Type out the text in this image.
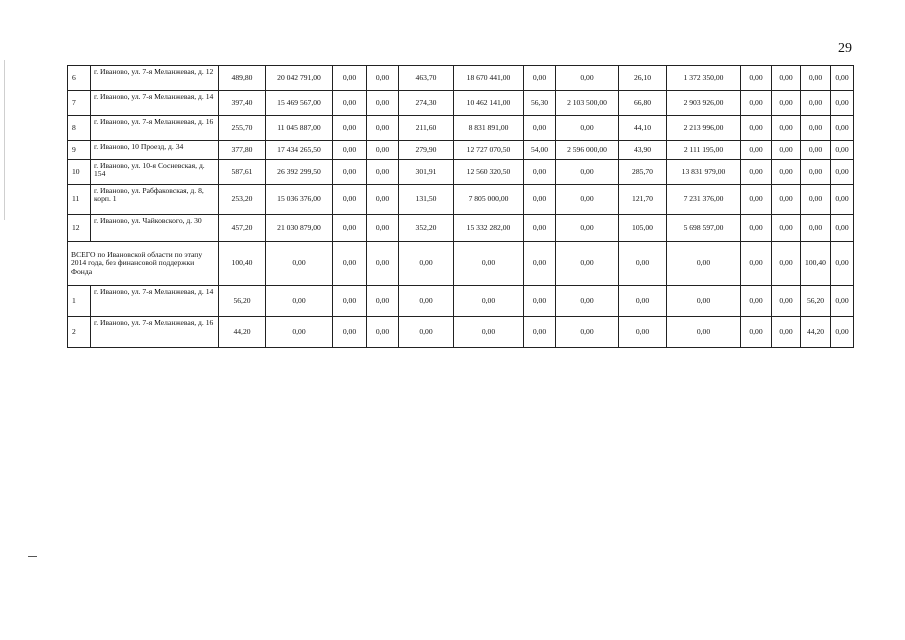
29
6	г. Иваново, ул. 7-я Меланжевая, д. 12	489,80	20 042 791,00	0,00	0,00	463,70	18 670 441,00	0,00	0,00	26,10	1 372 350,00	0,00	0,00	0,00	0,00
7	г. Иваново, ул. 7-я Меланжевая, д. 14	397,40	15 469 567,00	0,00	0,00	274,30	10 462 141,00	56,30	2 103 500,00	66,80	2 903 926,00	0,00	0,00	0,00	0,00
8	г. Иваново, ул. 7-я Меланжевая, д. 16	255,70	11 045 887,00	0,00	0,00	211,60	8 831 891,00	0,00	0,00	44,10	2 213 996,00	0,00	0,00	0,00	0,00
9	г. Иваново, 10 Проезд, д. 34	377,80	17 434 265,50	0,00	0,00	279,90	12 727 070,50	54,00	2 596 000,00	43,90	2 111 195,00	0,00	0,00	0,00	0,00
10	г. Иваново, ул. 10-я Сосневская, д. 154	587,61	26 392 299,50	0,00	0,00	301,91	12 560 320,50	0,00	0,00	285,70	13 831 979,00	0,00	0,00	0,00	0,00
11	г. Иваново, ул. Рабфаковская, д. 8, корп. 1	253,20	15 036 376,00	0,00	0,00	131,50	7 805 000,00	0,00	0,00	121,70	7 231 376,00	0,00	0,00	0,00	0,00
12	г. Иваново, ул. Чайковского, д. 30	457,20	21 030 879,00	0,00	0,00	352,20	15 332 282,00	0,00	0,00	105,00	5 698 597,00	0,00	0,00	0,00	0,00
ВСЕГО по Ивановской области по этапу 2014 года, без финансовой поддержки Фонда		100,40	0,00	0,00	0,00	0,00	0,00	0,00	0,00	0,00	0,00	0,00	0,00	100,40	0,00
1	г. Иваново, ул. 7-я Меланжевая, д. 14	56,20	0,00	0,00	0,00	0,00	0,00	0,00	0,00	0,00	0,00	0,00	0,00	56,20	0,00
2	г. Иваново, ул. 7-я Меланжевая, д. 16	44,20	0,00	0,00	0,00	0,00	0,00	0,00	0,00	0,00	0,00	0,00	0,00	44,20	0,00
